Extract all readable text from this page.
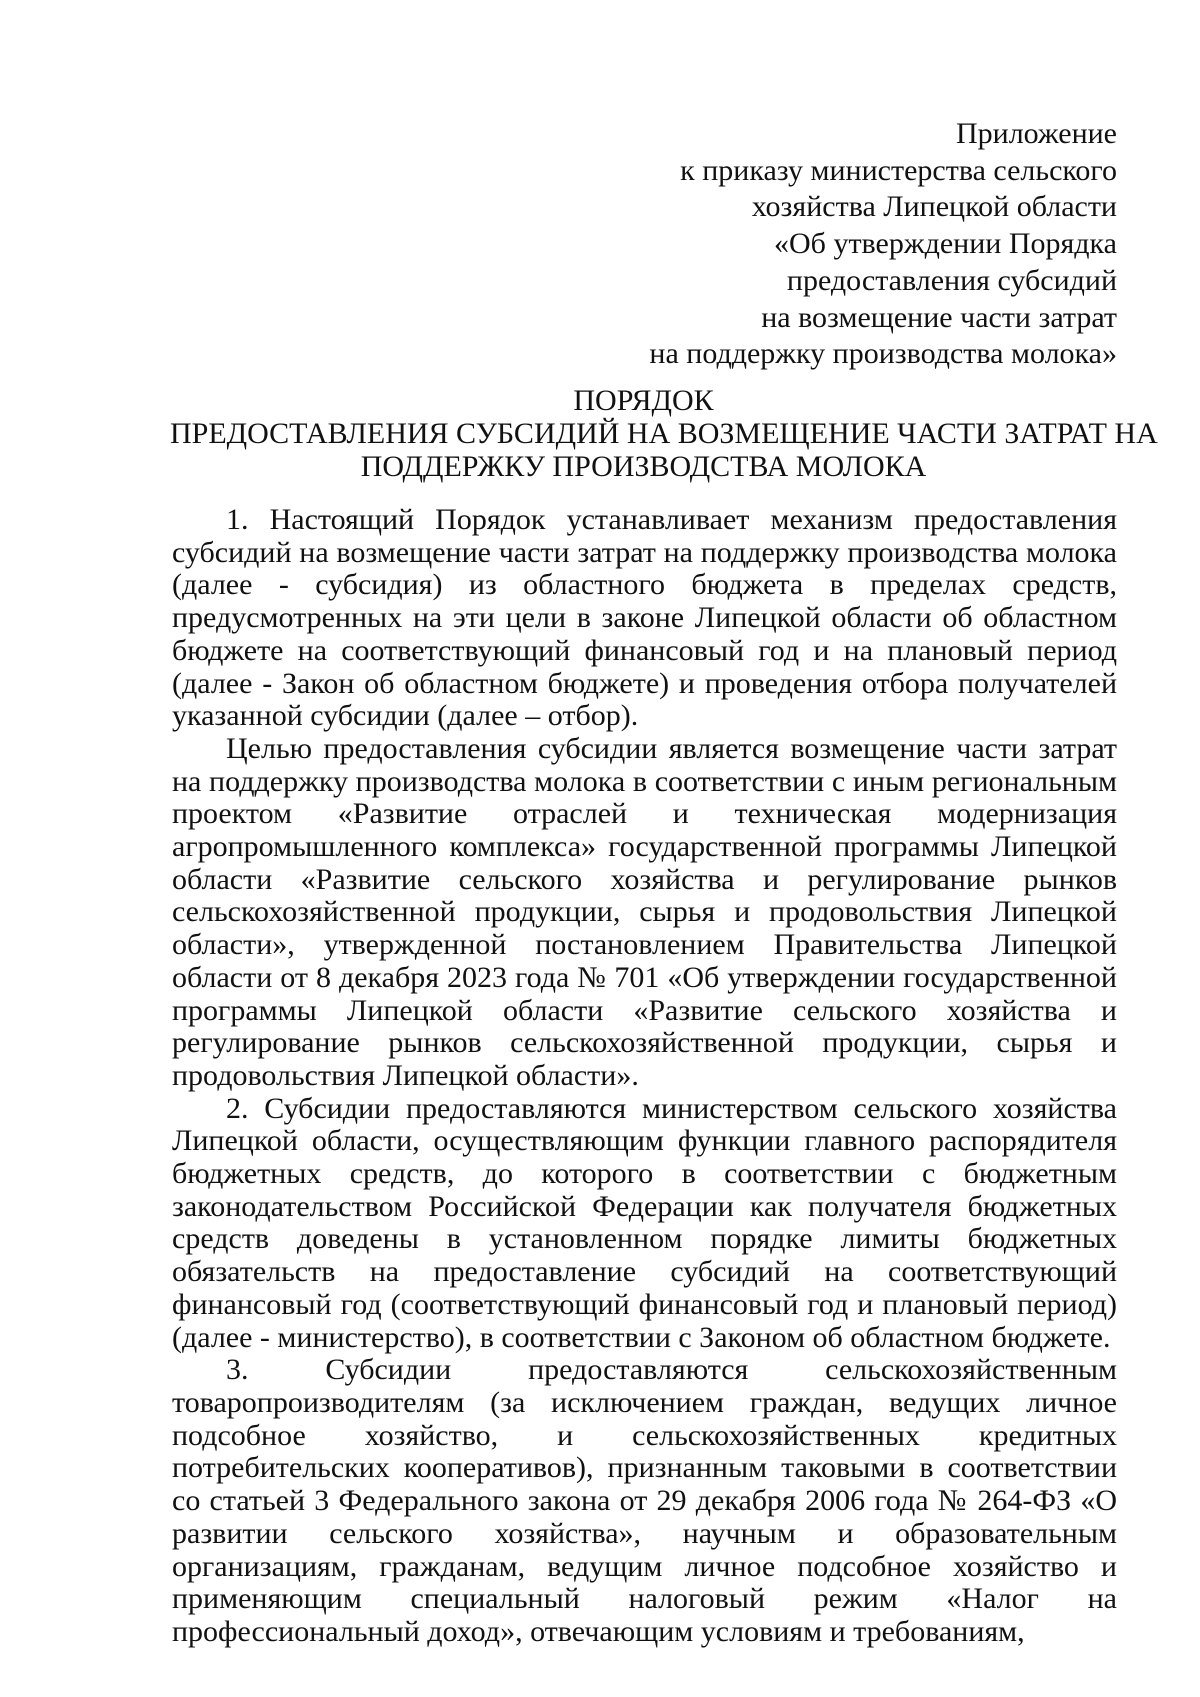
Приложение
к приказу министерства сельского
хозяйства Липецкой области
«Об утверждении Порядка
предоставления субсидий
на возмещение части затрат
на поддержку производства молока»
ПОРЯДОК
ПРЕДОСТАВЛЕНИЯ СУБСИДИЙ НА ВОЗМЕЩЕНИЕ ЧАСТИ ЗАТРАТ НА
ПОДДЕРЖКУ ПРОИЗВОДСТВА МОЛОКА

1. Настоящий Порядок устанавливает механизм предоставления субсидий на возмещение части затрат на поддержку производства молока (далее - субсидия) из областного бюджета в пределах средств, предусмотренных на эти цели в законе Липецкой области об областном бюджете на соответствующий финансовый год и на плановый период (далее - Закон об областном бюджете) и проведения отбора получателей указанной субсидии (далее – отбор).

Целью предоставления субсидии является возмещение части затрат на поддержку производства молока в соответствии с иным региональным проектом «Развитие отраслей и техническая модернизация агропромышленного комплекса» государственной программы Липецкой области «Развитие сельского хозяйства и регулирование рынков сельскохозяйственной продукции, сырья и продовольствия Липецкой области», утвержденной постановлением Правительства Липецкой области от 8 декабря 2023 года № 701 «Об утверждении государственной программы Липецкой области «Развитие сельского хозяйства и регулирование рынков сельскохозяйственной продукции, сырья и продовольствия Липецкой области».

2. Субсидии предоставляются министерством сельского хозяйства Липецкой области, осуществляющим функции главного распорядителя бюджетных средств, до которого в соответствии с бюджетным законодательством Российской Федерации как получателя бюджетных средств доведены в установленном порядке лимиты бюджетных обязательств на предоставление субсидий на соответствующий финансовый год (соответствующий финансовый год и плановый период) (далее - министерство), в соответствии с Законом об областном бюджете.

3. Субсидии предоставляются сельскохозяйственным товаропроизводителям (за исключением граждан, ведущих личное подсобное хозяйство, и сельскохозяйственных кредитных потребительских кооперативов), признанным таковыми в соответствии со статьей 3 Федерального закона от 29 декабря 2006 года № 264-ФЗ «О развитии сельского хозяйства», научным и образовательным организациям, гражданам, ведущим личное подсобное хозяйство и применяющим специальный налоговый режим «Налог на профессиональный доход», отвечающим условиям и требованиям,
